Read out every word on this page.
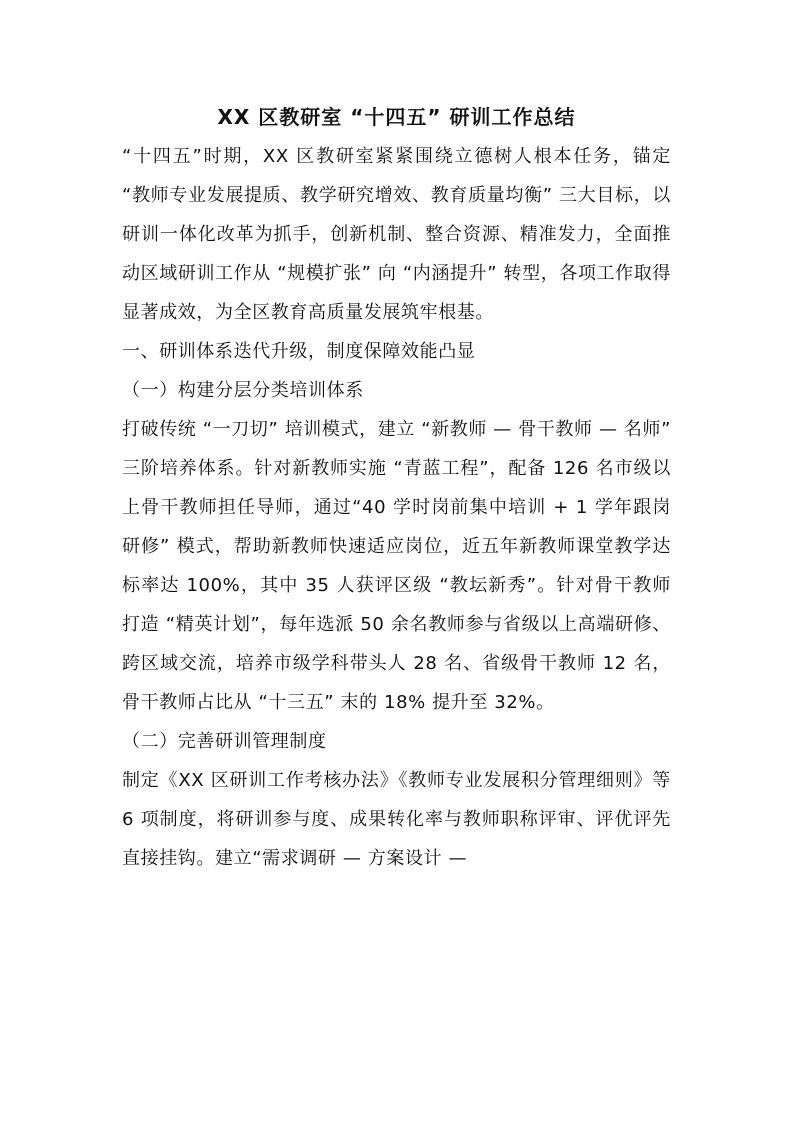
XX 区教研室 “十四五” 研训工作总结

“十四五”时期，XX 区教研室紧紧围绕立德树人根本任务，锚定 “教师专业发展提质、教学研究增效、教育质量均衡” 三大目标，以研训一体化改革为抓手，创新机制、整合资源、精准发力，全面推动区域研训工作从 “规模扩张” 向 “内涵提升” 转型，各项工作取得显著成效，为全区教育高质量发展筑牢根基。

一、研训体系迭代升级，制度保障效能凸显

（一）构建分层分类培训体系

打破传统 “一刀切” 培训模式，建立 “新教师 — 骨干教师 — 名师” 三阶培养体系。针对新教师实施 “青蓝工程”，配备 126 名市级以上骨干教师担任导师，通过“40 学时岗前集中培训 + 1 学年跟岗研修” 模式，帮助新教师快速适应岗位，近五年新教师课堂教学达标率达 100%，其中 35 人获评区级 “教坛新秀”。针对骨干教师打造 “精英计划”，每年选派 50 余名教师参与省级以上高端研修、跨区域交流，培养市级学科带头人 28 名、省级骨干教师 12 名，骨干教师占比从 “十三五” 末的 18% 提升至 32%。

（二）完善研训管理制度

制定《XX 区研训工作考核办法》《教师专业发展积分管理细则》等 6 项制度，将研训参与度、成果转化率与教师职称评审、评优评先直接挂钩。建立“需求调研 — 方案设计 —
